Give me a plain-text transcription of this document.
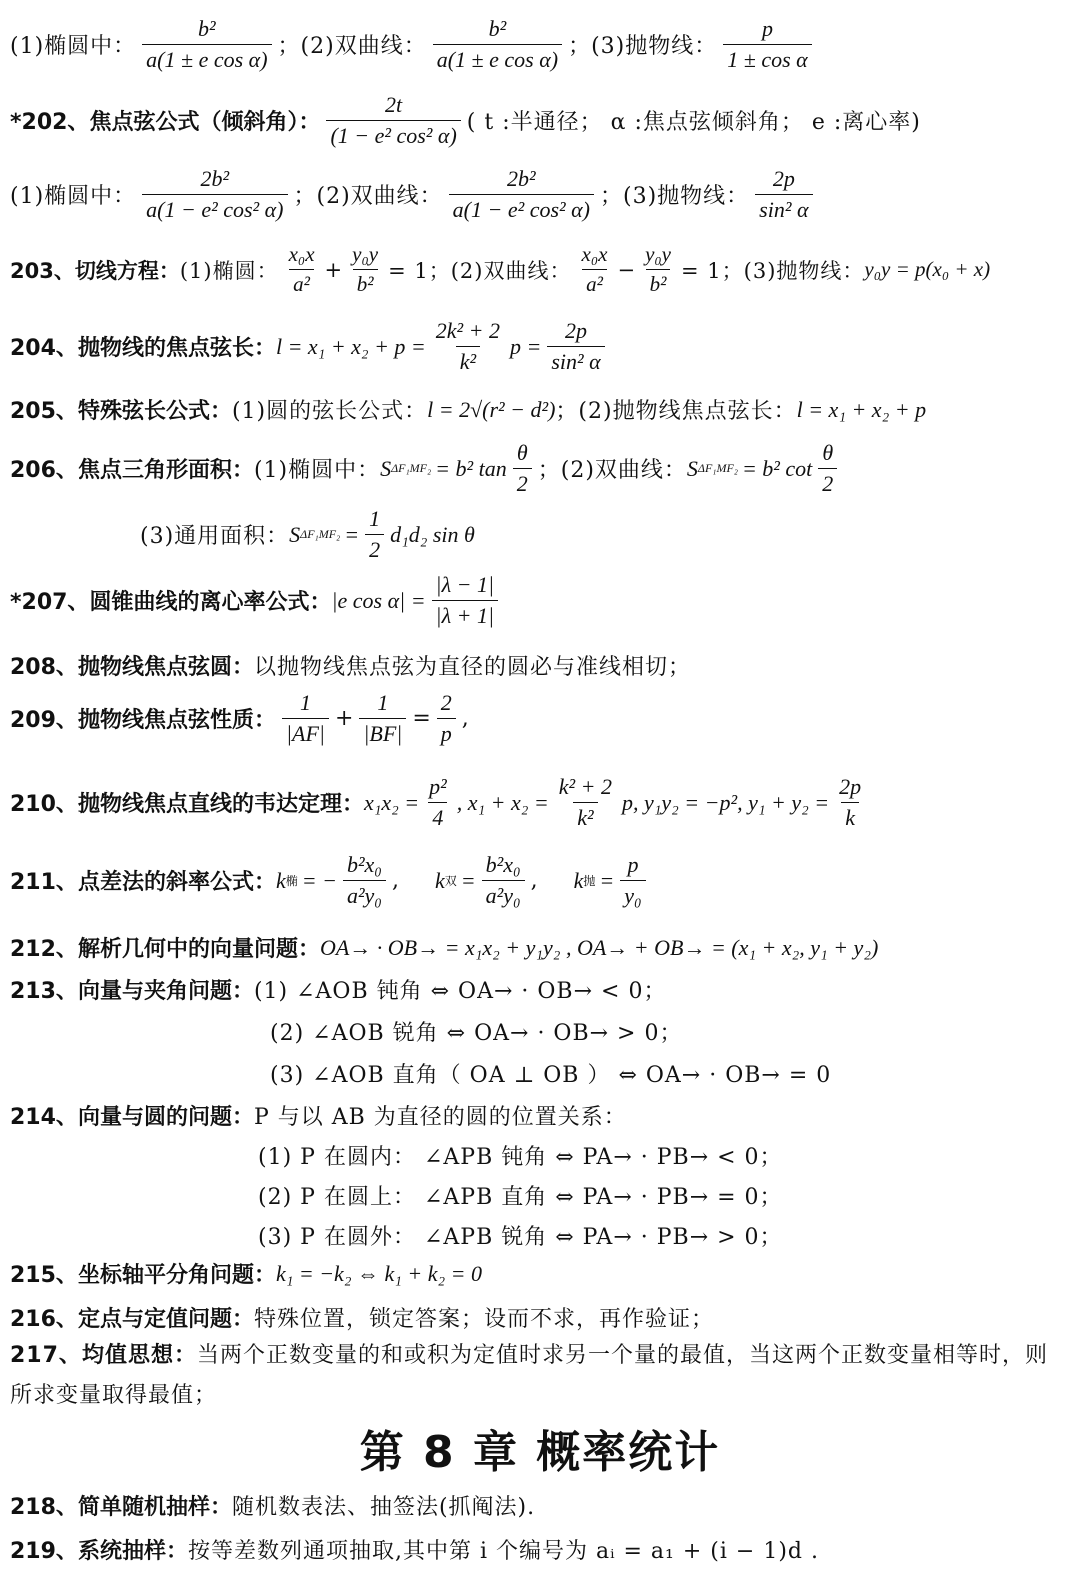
(1)椭圆中： $\frac{\text{b²}}{\text{a(1 ± e cos α)}}$ ；(2)双曲线： $\frac{\text{b²}}{\text{a(1 ± e cos α)}}$ ；(3)抛物线： $\frac{p}{\text{1 ± cos α}}$
*202、 焦点弦公式（倾斜角）： $\frac{2t}{\text{(1 − e² cos² α)}}$ ( t :半通径； α :焦点弦倾斜角； e :离心率)
(1)椭圆中： $\frac{\text{2b²}}{\text{a(1 − e² cos² α)}}$ ；(2)双曲线： $\frac{\text{2b²}}{\text{a(1 − e² cos² α)}}$ ；(3)抛物线： $\frac{2p}{\text{sin² α}}$
203、 切线方程： (1)椭圆： $\frac{\text{x₀x}}{\text{a²}} + \frac{\text{y₀y}}{\text{b²}} = 1$；(2)双曲线： $\frac{\text{x₀x}}{\text{a²}} - \frac{\text{y₀y}}{\text{b²}} = 1$；(3)抛物线： y₀y = p(x₀ + x)
204、 抛物线的焦点弦长： $l = x_1 + x_2 + p = \frac{\text{2k² + 2}}{\text{k²}}$ $p = \frac{2p}{\text{sin² α}}$
205、 特殊弦长公式： (1)圆的弦长公式： l = 2√(r² − d²) ；(2)抛物线焦点弦长： l = x₁ + x₂ + p
206、 焦点三角形面积： (1)椭圆中： S ΔF₁MF₂ = b² $\tan \frac{\theta}{2}$ ；(2)双曲线： S ΔF₁MF₂ = b² $\cot \frac{\theta}{2}$
(3)通用面积： S $\Delta F_1MF_2 = \frac{1}{2} d_1d_2$ sin θ
*207、 圆锥曲线的离心率公式： |e $\cos \alpha| = \frac{|\lambda - 1|}{|\lambda + 1|}$
208、 抛物线焦点弦圆： 以抛物线焦点弦为直径的圆必与准线相切；
209、 抛物线焦点弦性质： $\frac{1}{|AF|} + \frac{1}{|BF|} = \frac{2}{p}$ ,
210、 抛物线焦点直线的韦达定理： $x_1x_2 = \frac{\text{p²}}{4}$ , $x_1 + x_2 = \frac{\text{k² + 2}}{\text{k²}} p$, y₁y₂ = −p², $y_1 + y_2 = \frac{2p}{k}$
211、 点差法的斜率公式： k 椭 = − $\frac{\text{b²x₀}}{\text{a²y₀}}$ , k 双 = $\frac{\text{b²x₀}}{\text{a²y₀}}$ , k 抛 = $\frac{p}{\text{y₀}}$
212、 解析几何中的向量问题： OA→ · OB→ = x₁x₂ + y₁y₂ , OA→ + OB→ = (x₁ + x₂, y₁ + y₂)
213、 向量与夹角问题： (1) ∠AOB 钝角 ⇔ OA→ · OB→ < 0；
(2) ∠AOB 锐角 ⇔ OA→ · OB→ > 0；
(3) ∠AOB 直角（ OA ⊥ OB ） ⇔ OA→ · OB→ = 0
214、 向量与圆的问题： P 与以 AB 为直径的圆的位置关系：
(1) P 在圆内： ∠APB 钝角 ⇔ PA→ · PB→ < 0；
(2) P 在圆上： ∠APB 直角 ⇔ PA→ · PB→ = 0；
(3) P 在圆外： ∠APB 锐角 ⇔ PA→ · PB→ > 0；
215、 坐标轴平分角问题： k₁ = −k₂ ⇔ k₁ + k₂ = 0
216、 定点与定值问题： 特殊位置，锁定答案；设而不求，再作验证；
217、均值思想：当两个正数变量的和或积为定值时求另一个量的最值，当这两个正数变量相等时，则所求变量取得最值；
第 8 章 概率统计
218、 简单随机抽样： 随机数表法、抽签法(抓阄法).
219、 系统抽样： 按等差数列通项抽取,其中第 i 个编号为 aᵢ = a₁ + (i − 1)d .
